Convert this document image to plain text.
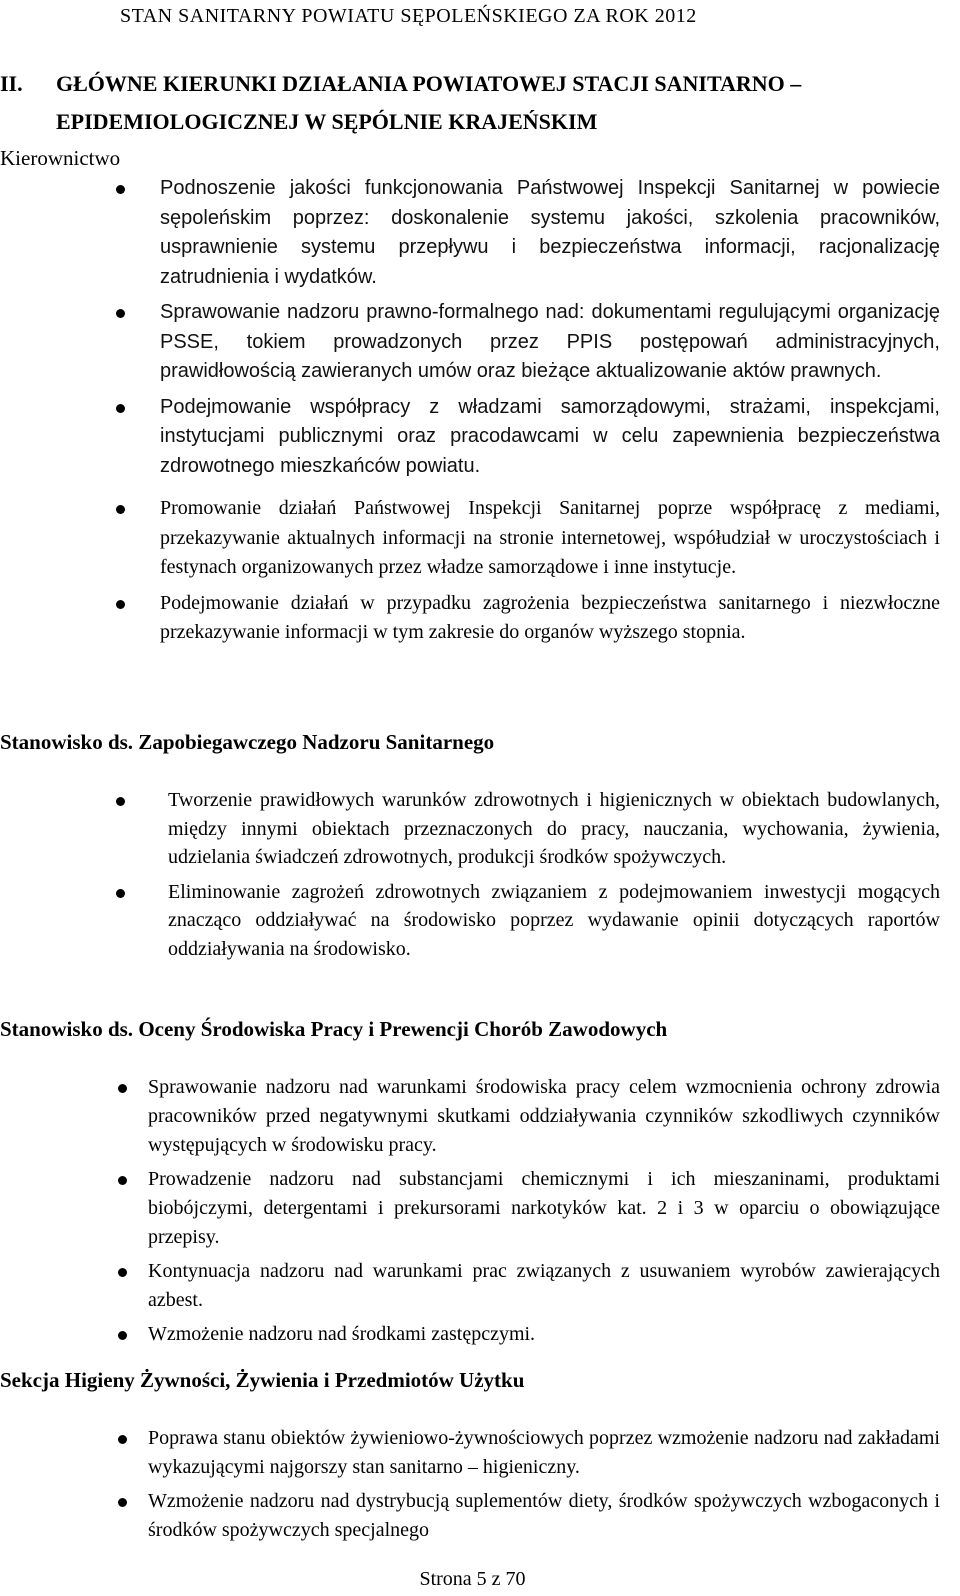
STAN SANITARNY POWIATU SĘPOLEŃSKIEGO ZA ROK 2012
II. GŁÓWNE KIERUNKI DZIAŁANIA POWIATOWEJ STACJI SANITARNO –
EPIDEMIOLOGICZNEJ W SĘPÓLNIE KRAJEŃSKIM
Kierownictwo
Podnoszenie jakości funkcjonowania Państwowej Inspekcji Sanitarnej w powiecie sępoleńskim poprzez: doskonalenie systemu jakości, szkolenia pracowników, usprawnienie systemu przepływu i bezpieczeństwa informacji, racjonalizację zatrudnienia i wydatków.
Sprawowanie nadzoru prawno-formalnego nad: dokumentami regulującymi organizację PSSE, tokiem prowadzonych przez PPIS postępowań administracyjnych, prawidłowością zawieranych umów oraz bieżące aktualizowanie aktów prawnych.
Podejmowanie współpracy z władzami samorządowymi, strażami, inspekcjami, instytucjami publicznymi oraz pracodawcami w celu zapewnienia bezpieczeństwa zdrowotnego mieszkańców powiatu.
Promowanie działań Państwowej Inspekcji Sanitarnej poprze współpracę z mediami, przekazywanie aktualnych informacji na stronie internetowej, współudział w uroczystościach i festynach organizowanych przez władze samorządowe i inne instytucje.
Podejmowanie działań w przypadku zagrożenia bezpieczeństwa sanitarnego i niezwłoczne przekazywanie informacji w tym zakresie do organów wyższego stopnia.
Stanowisko ds. Zapobiegawczego Nadzoru Sanitarnego
Tworzenie prawidłowych warunków zdrowotnych i higienicznych w obiektach budowlanych, między innymi obiektach przeznaczonych do pracy, nauczania, wychowania, żywienia, udzielania świadczeń zdrowotnych, produkcji środków spożywczych.
Eliminowanie zagrożeń zdrowotnych związaniem z podejmowaniem inwestycji mogących znacząco oddziaływać na środowisko poprzez wydawanie opinii dotyczących raportów oddziaływania na środowisko.
Stanowisko ds. Oceny Środowiska Pracy i Prewencji Chorób Zawodowych
Sprawowanie nadzoru nad warunkami środowiska pracy celem wzmocnienia ochrony zdrowia pracowników przed negatywnymi skutkami oddziaływania czynników szkodliwych czynników występujących w środowisku pracy.
Prowadzenie nadzoru nad substancjami chemicznymi i ich mieszaninami, produktami biobójczymi, detergentami i prekursorami narkotyków kat. 2 i 3 w oparciu o obowiązujące przepisy.
Kontynuacja nadzoru nad warunkami prac związanych z usuwaniem wyrobów zawierających azbest.
Wzmożenie nadzoru nad środkami zastępczymi.
Sekcja Higieny Żywności, Żywienia i Przedmiotów Użytku
Poprawa stanu obiektów żywieniowo-żywnościowych poprzez wzmożenie nadzoru nad zakładami wykazującymi najgorszy stan sanitarno – higieniczny.
Wzmożenie nadzoru nad dystrybucją suplementów diety, środków spożywczych wzbogaconych i środków spożywczych specjalnego
Strona 5 z 70
